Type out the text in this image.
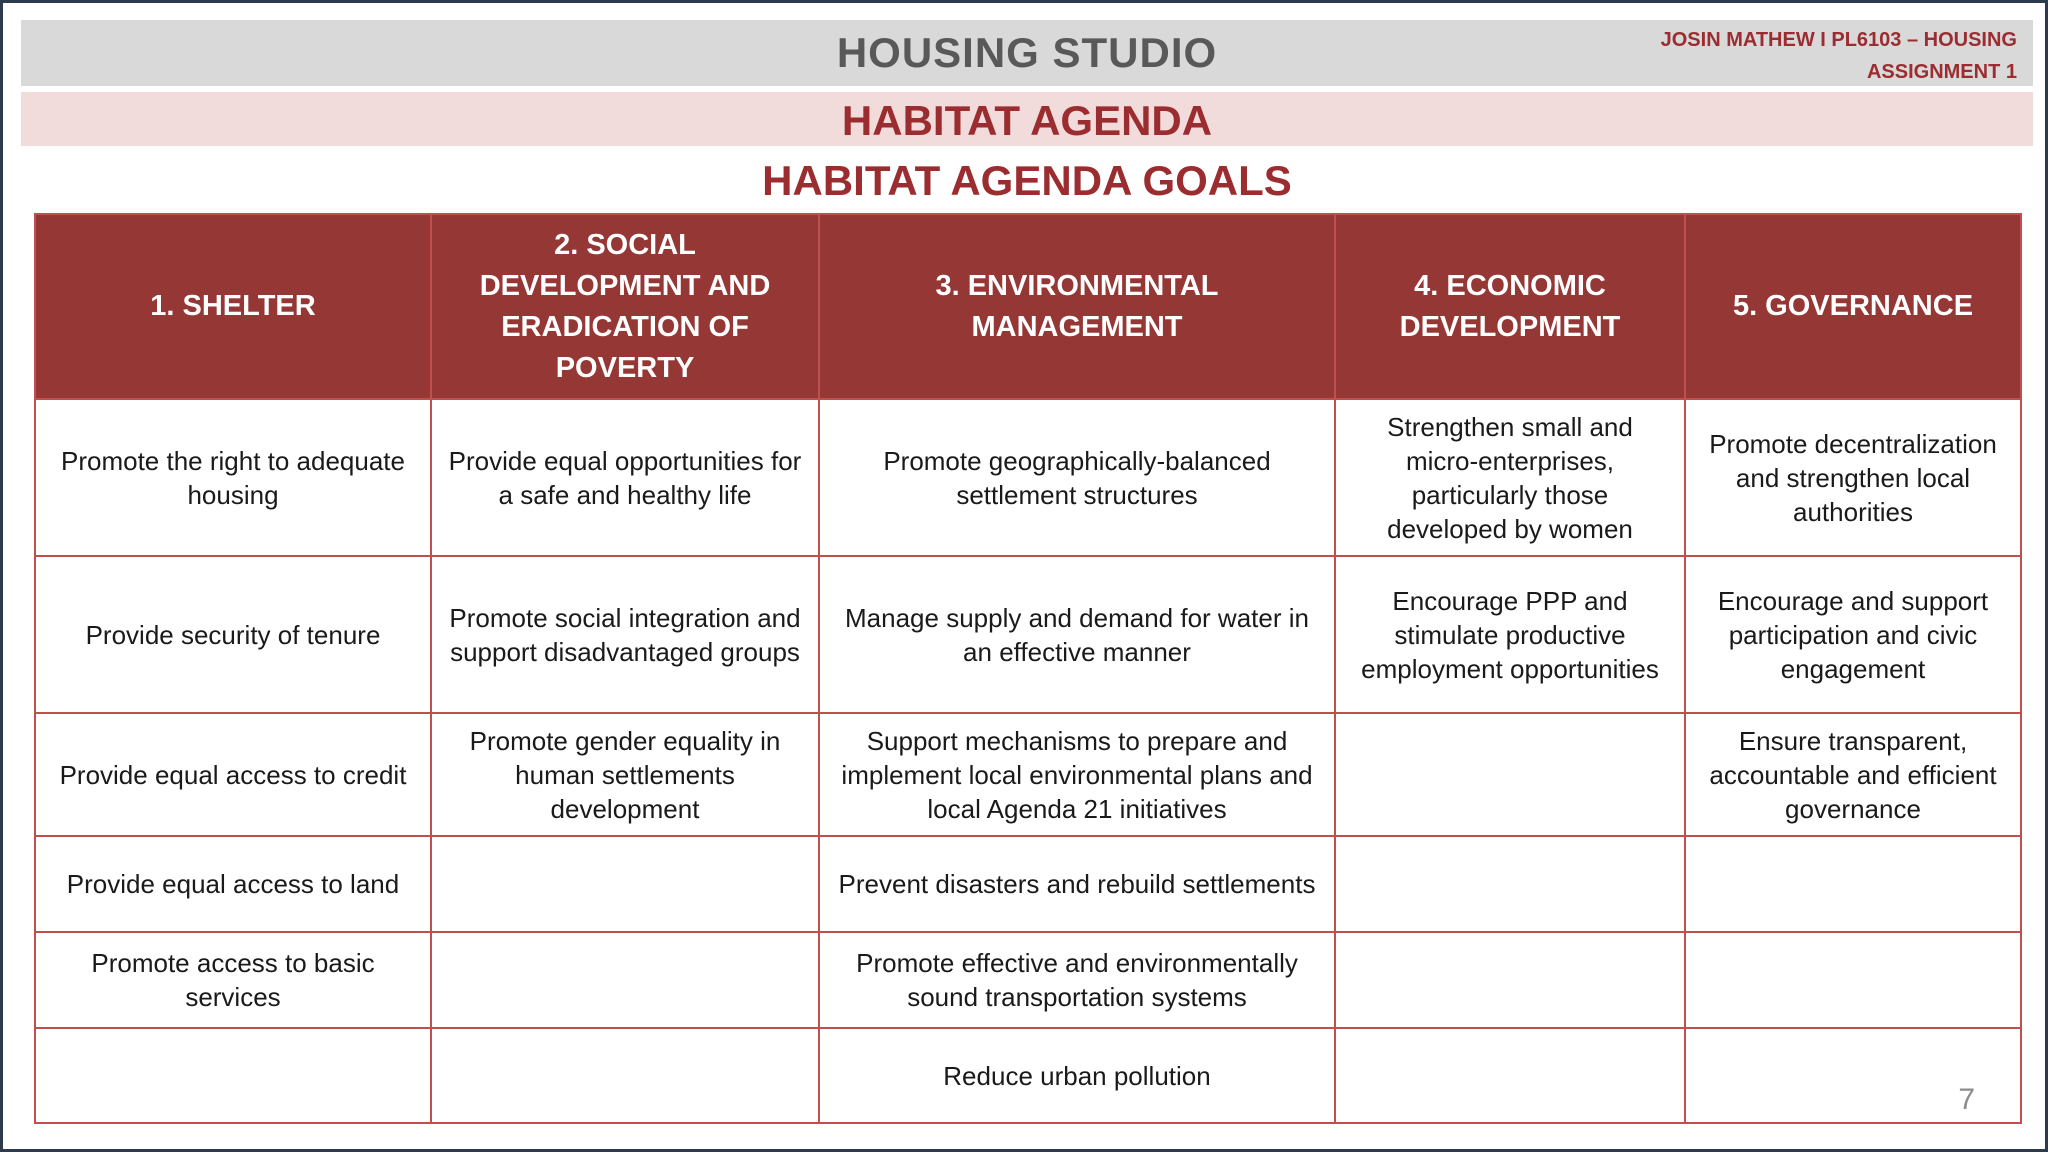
HOUSING STUDIO	JOSIN MATHEW I PL6103 – HOUSING
ASSIGNMENT 1
HABITAT AGENDA
HABITAT AGENDA GOALS
1. SHELTER	2. SOCIAL DEVELOPMENT AND ERADICATION OF POVERTY	3. ENVIRONMENTAL MANAGEMENT	4. ECONOMIC DEVELOPMENT	5. GOVERNANCE
Promote the right to adequate housing	Provide equal opportunities for a safe and healthy life	Promote geographically-balanced settlement structures	Strengthen small and micro-enterprises, particularly those developed by women	Promote decentralization and strengthen local authorities
Provide security of tenure	Promote social integration and support disadvantaged groups	Manage supply and demand for water in an effective manner	Encourage PPP and stimulate productive employment opportunities	Encourage and support participation and civic engagement
Provide equal access to credit	Promote gender equality in human settlements development	Support mechanisms to prepare and implement local environmental plans and local Agenda 21 initiatives		Ensure transparent, accountable and efficient governance
Provide equal access to land		Prevent disasters and rebuild settlements		
Promote access to basic services		Promote effective and environmentally sound transportation systems		
		Reduce urban pollution		
7
